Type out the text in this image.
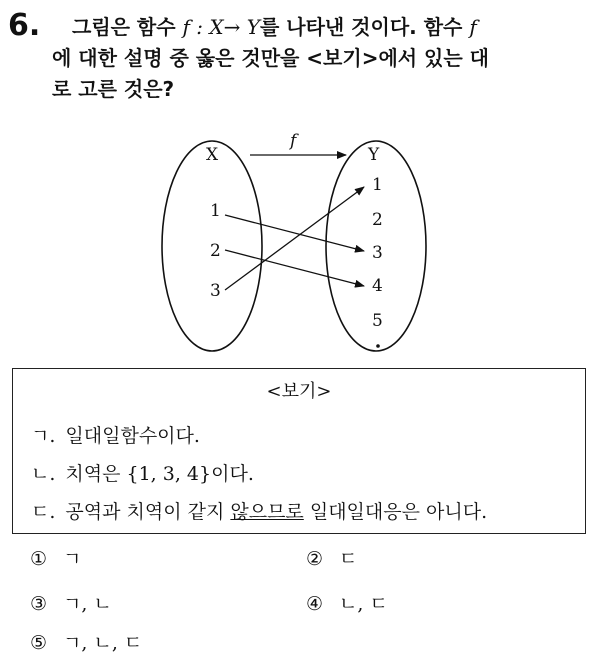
6.	그림은 함수 f : X→ Y를 나타낸 것이다. 함수 f
에 대한 설명 중 옳은 것만을 <보기>에서 있는 대
로 고른 것은?
f
X	Y
1
2
3
1
2
3
4
5
<보기>
ㄱ. 일대일함수이다.
ㄴ. 치역은 {1, 3, 4}이다.
ㄷ. 공역과 치역이 같지 않으므로 일대일대응은 아니다.
① ㄱ	② ㄷ
③ ㄱ, ㄴ	④ ㄴ, ㄷ
⑤ ㄱ, ㄴ, ㄷ
